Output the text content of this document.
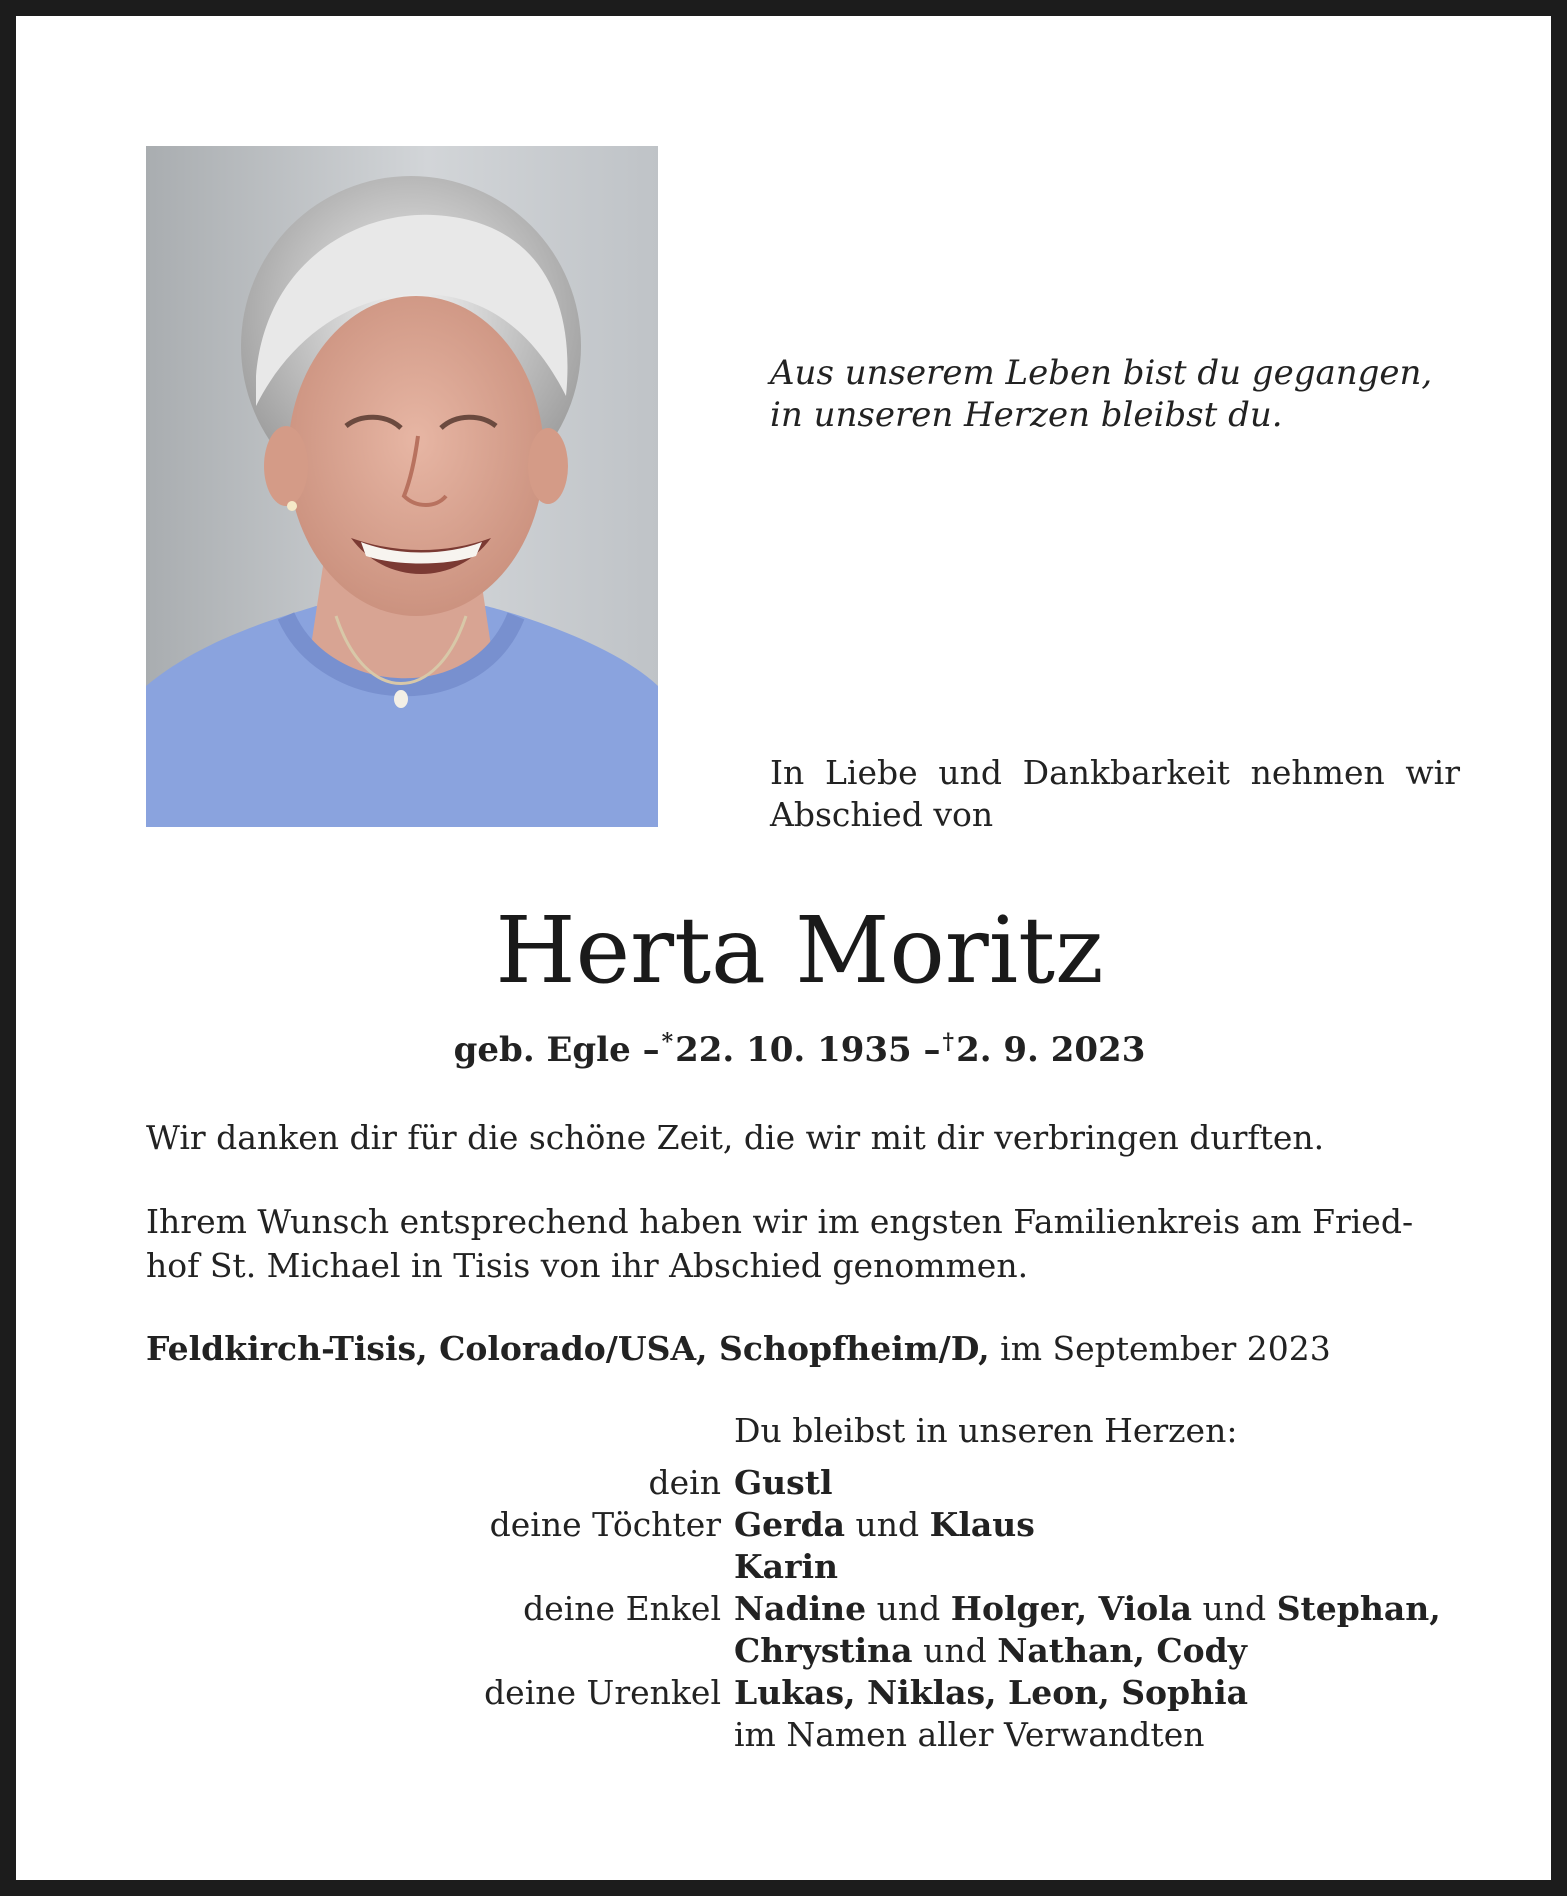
Aus unserem Leben bist du gegangen,
in unseren Herzen bleibst du.
In Liebe und Dankbarkeit nehmen wir Abschied von
Herta Moritz
geb. Egle –*22. 10. 1935 –†2. 9. 2023
Wir danken dir für die schöne Zeit, die wir mit dir verbringen durften.
Ihrem Wunsch entsprechend haben wir im engsten Familienkreis am Fried-
hof St. Michael in Tisis von ihr Abschied genommen.
Feldkirch-Tisis, Colorado/USA, Schopfheim/D, im September 2023
Du bleibst in unseren Herzen:
dein Gustl
deine Töchter Gerda und Klaus
Karin
deine Enkel Nadine und Holger, Viola und Stephan,
Chrystina und Nathan, Cody
deine Urenkel Lukas, Niklas, Leon, Sophia
im Namen aller Verwandten
